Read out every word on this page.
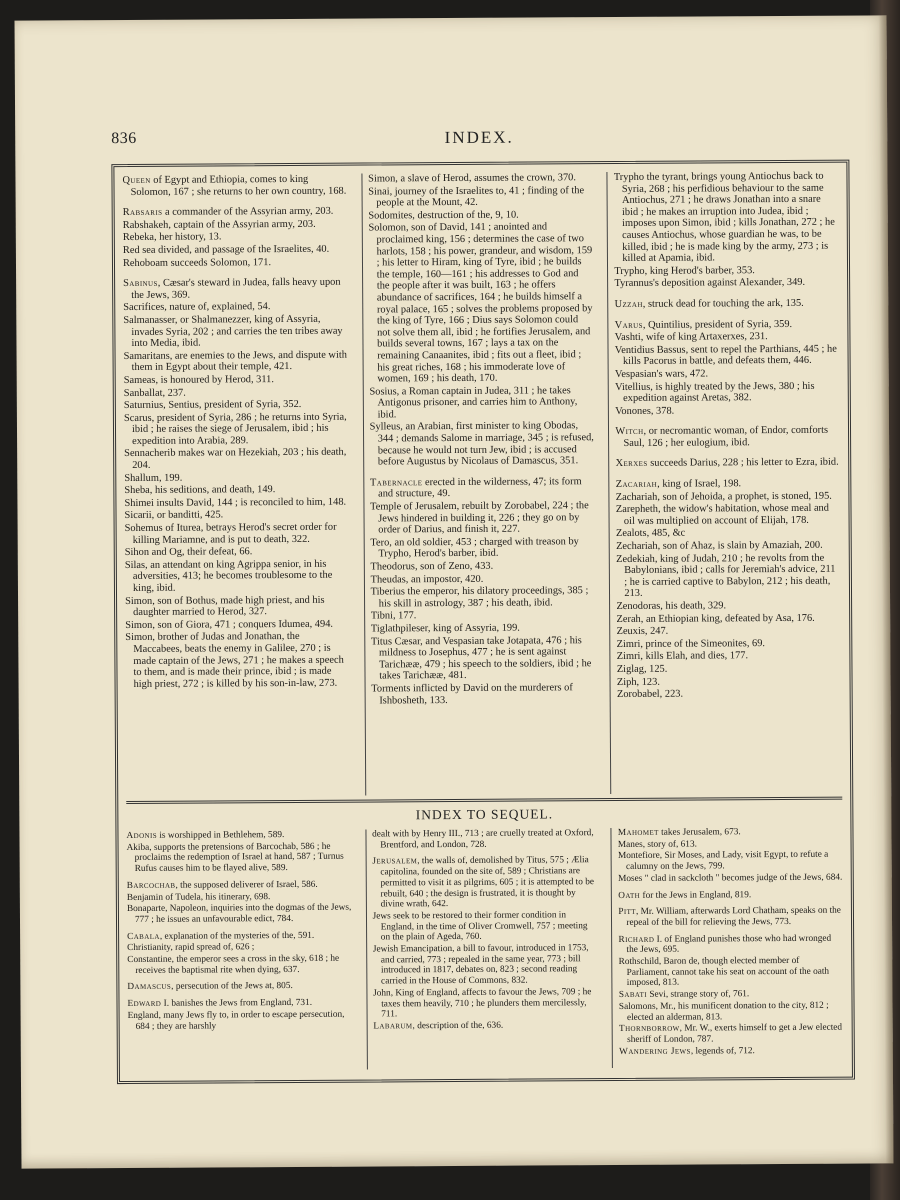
836	INDEX.

Queen of Egypt and Ethiopia, comes to king Solomon, 167 ; she returns to her own country, 168.

Rabsaris a commander of the Assyrian army, 203.

Rabshakeh, captain of the Assyrian army, 203.

Rebeka, her history, 13.

Red sea divided, and passage of the Israelites, 40.

Rehoboam succeeds Solomon, 171.

Sabinus, Cæsar's steward in Judea, falls heavy upon the Jews, 369.

Sacrifices, nature of, explained, 54.

Salmanasser, or Shalmanezzer, king of Assyria, invades Syria, 202 ; and carries the ten tribes away into Media, ibid.

Samaritans, are enemies to the Jews, and dispute with them in Egypt about their temple, 421.

Sameas, is honoured by Herod, 311.

Sanballat, 237.

Saturnius, Sentius, president of Syria, 352.

Scarus, president of Syria, 286 ; he returns into Syria, ibid ; he raises the siege of Jerusalem, ibid ; his expedition into Arabia, 289.

Sennacherib makes war on Hezekiah, 203 ; his death, 204.

Shallum, 199.

Sheba, his seditions, and death, 149.

Shimei insults David, 144 ; is reconciled to him, 148.

Sicarii, or banditti, 425.

Sohemus of Iturea, betrays Herod's secret order for killing Mariamne, and is put to death, 322.

Sihon and Og, their defeat, 66.

Silas, an attendant on king Agrippa senior, in his adversities, 413; he becomes troublesome to the king, ibid.

Simon, son of Bothus, made high priest, and his daughter married to Herod, 327.

Simon, son of Giora, 471 ; conquers Idumea, 494.

Simon, brother of Judas and Jonathan, the Maccabees, beats the enemy in Galilee, 270 ; is made captain of the Jews, 271 ; he makes a speech to them, and is made their prince, ibid ; is made high priest, 272 ; is killed by his son-in-law, 273.

Simon, a slave of Herod, assumes the crown, 370.

Sinai, journey of the Israelites to, 41 ; finding of the people at the Mount, 42.

Sodomites, destruction of the, 9, 10.

Solomon, son of David, 141 ; anointed and proclaimed king, 156 ; determines the case of two harlots, 158 ; his power, grandeur, and wisdom, 159 ; his letter to Hiram, king of Tyre, ibid ; he builds the temple, 160—161 ; his addresses to God and the people after it was built, 163 ; he offers abundance of sacrifices, 164 ; he builds himself a royal palace, 165 ; solves the problems proposed by the king of Tyre, 166 ; Dius says Solomon could not solve them all, ibid ; he fortifies Jerusalem, and builds several towns, 167 ; lays a tax on the remaining Canaanites, ibid ; fits out a fleet, ibid ; his great riches, 168 ; his immoderate love of women, 169 ; his death, 170.

Sosius, a Roman captain in Judea, 311 ; he takes Antigonus prisoner, and carries him to Anthony, ibid.

Sylleus, an Arabian, first minister to king Obodas, 344 ; demands Salome in marriage, 345 ; is refused, because he would not turn Jew, ibid ; is accused before Augustus by Nicolaus of Damascus, 351.

Tabernacle erected in the wilderness, 47; its form and structure, 49.

Temple of Jerusalem, rebuilt by Zorobabel, 224 ; the Jews hindered in building it, 226 ; they go on by order of Darius, and finish it, 227.

Tero, an old soldier, 453 ; charged with treason by Trypho, Herod's barber, ibid.

Theodorus, son of Zeno, 433.

Theudas, an impostor, 420.

Tiberius the emperor, his dilatory proceedings, 385 ; his skill in astrology, 387 ; his death, ibid.

Tibni, 177.

Tiglathpileser, king of Assyria, 199.

Titus Cæsar, and Vespasian take Jotapata, 476 ; his mildness to Josephus, 477 ; he is sent against Tarichææ, 479 ; his speech to the soldiers, ibid ; he takes Tarichææ, 481.

Torments inflicted by David on the murderers of Ishbosheth, 133.

Trypho the tyrant, brings young Antiochus back to Syria, 268 ; his perfidious behaviour to the same Antiochus, 271 ; he draws Jonathan into a snare ibid ; he makes an irruption into Judea, ibid ; imposes upon Simon, ibid ; kills Jonathan, 272 ; he causes Antiochus, whose guardian he was, to be killed, ibid ; he is made king by the army, 273 ; is killed at Apamia, ibid.

Trypho, king Herod's barber, 353.

Tyrannus's deposition against Alexander, 349.

Uzzah, struck dead for touching the ark, 135.

Varus, Quintilius, president of Syria, 359.

Vashti, wife of king Artaxerxes, 231.

Ventidius Bassus, sent to repel the Parthians, 445 ; he kills Pacorus in battle, and defeats them, 446.

Vespasian's wars, 472.

Vitellius, is highly treated by the Jews, 380 ; his expedition against Aretas, 382.

Vonones, 378.

Witch, or necromantic woman, of Endor, comforts Saul, 126 ; her eulogium, ibid.

Xerxes succeeds Darius, 228 ; his letter to Ezra, ibid.

Zacariah, king of Israel, 198.

Zachariah, son of Jehoida, a prophet, is stoned, 195.

Zarepheth, the widow's habitation, whose meal and oil was multiplied on account of Elijah, 178.

Zealots, 485, &c

Zechariah, son of Ahaz, is slain by Amaziah, 200.

Zedekiah, king of Judah, 210 ; he revolts from the Babylonians, ibid ; calls for Jeremiah's advice, 211 ; he is carried captive to Babylon, 212 ; his death, 213.

Zenodoras, his death, 329.

Zerah, an Ethiopian king, defeated by Asa, 176.

Zeuxis, 247.

Zimri, prince of the Simeonites, 69.

Zimri, kills Elah, and dies, 177.

Ziglag, 125.

Ziph, 123.

Zorobabel, 223.

INDEX TO SEQUEL.

Adonis is worshipped in Bethlehem, 589.

Akiba, supports the pretensions of Barcochab, 586 ; he proclaims the redemption of Israel at hand, 587 ; Turnus Rufus causes him to be flayed alive, 589.

Barcochab, the supposed deliverer of Israel, 586.

Benjamin of Tudela, his itinerary, 698.

Bonaparte, Napoleon, inquiries into the dogmas of the Jews, 777 ; he issues an unfavourable edict, 784.

Cabala, explanation of the mysteries of the, 591.

Christianity, rapid spread of, 626 ;

Constantine, the emperor sees a cross in the sky, 618 ; he receives the baptismal rite when dying, 637.

Damascus, persecution of the Jews at, 805.

Edward I. banishes the Jews from England, 731.

England, many Jews fly to, in order to escape persecution, 684 ; they are harshly

dealt with by Henry III., 713 ; are cruelly treated at Oxford, Brentford, and London, 728.

Jerusalem, the walls of, demolished by Titus, 575 ; Ælia capitolina, founded on the site of, 589 ; Christians are permitted to visit it as pilgrims, 605 ; it is attempted to be rebuilt, 640 ; the design is frustrated, it is thought by divine wrath, 642.

Jews seek to be restored to their former condition in England, in the time of Oliver Cromwell, 757 ; meeting on the plain of Ageda, 760.

Jewish Emancipation, a bill to favour, introduced in 1753, and carried, 773 ; repealed in the same year, 773 ; bill introduced in 1817, debates on, 823 ; second reading carried in the House of Commons, 832.

John, King of England, affects to favour the Jews, 709 ; he taxes them heavily, 710 ; he plunders them mercilessly, 711.

Labarum, description of the, 636.

Mahomet takes Jerusalem, 673.

Manes, story of, 613.

Montefiore, Sir Moses, and Lady, visit Egypt, to refute a calumny on the Jews, 799.

Moses " clad in sackcloth " becomes judge of the Jews, 684.

Oath for the Jews in England, 819.

Pitt, Mr. William, afterwards Lord Chatham, speaks on the repeal of the bill for relieving the Jews, 773.

Richard I. of England punishes those who had wronged the Jews, 695.

Rothschild, Baron de, though elected member of Parliament, cannot take his seat on account of the oath imposed, 813.

Sabati Sevi, strange story of, 761.

Salomons, Mr., his munificent donation to the city, 812 ; elected an alderman, 813.

Thornborrow, Mr. W., exerts himself to get a Jew elected sheriff of London, 787.

Wandering Jews, legends of, 712.
